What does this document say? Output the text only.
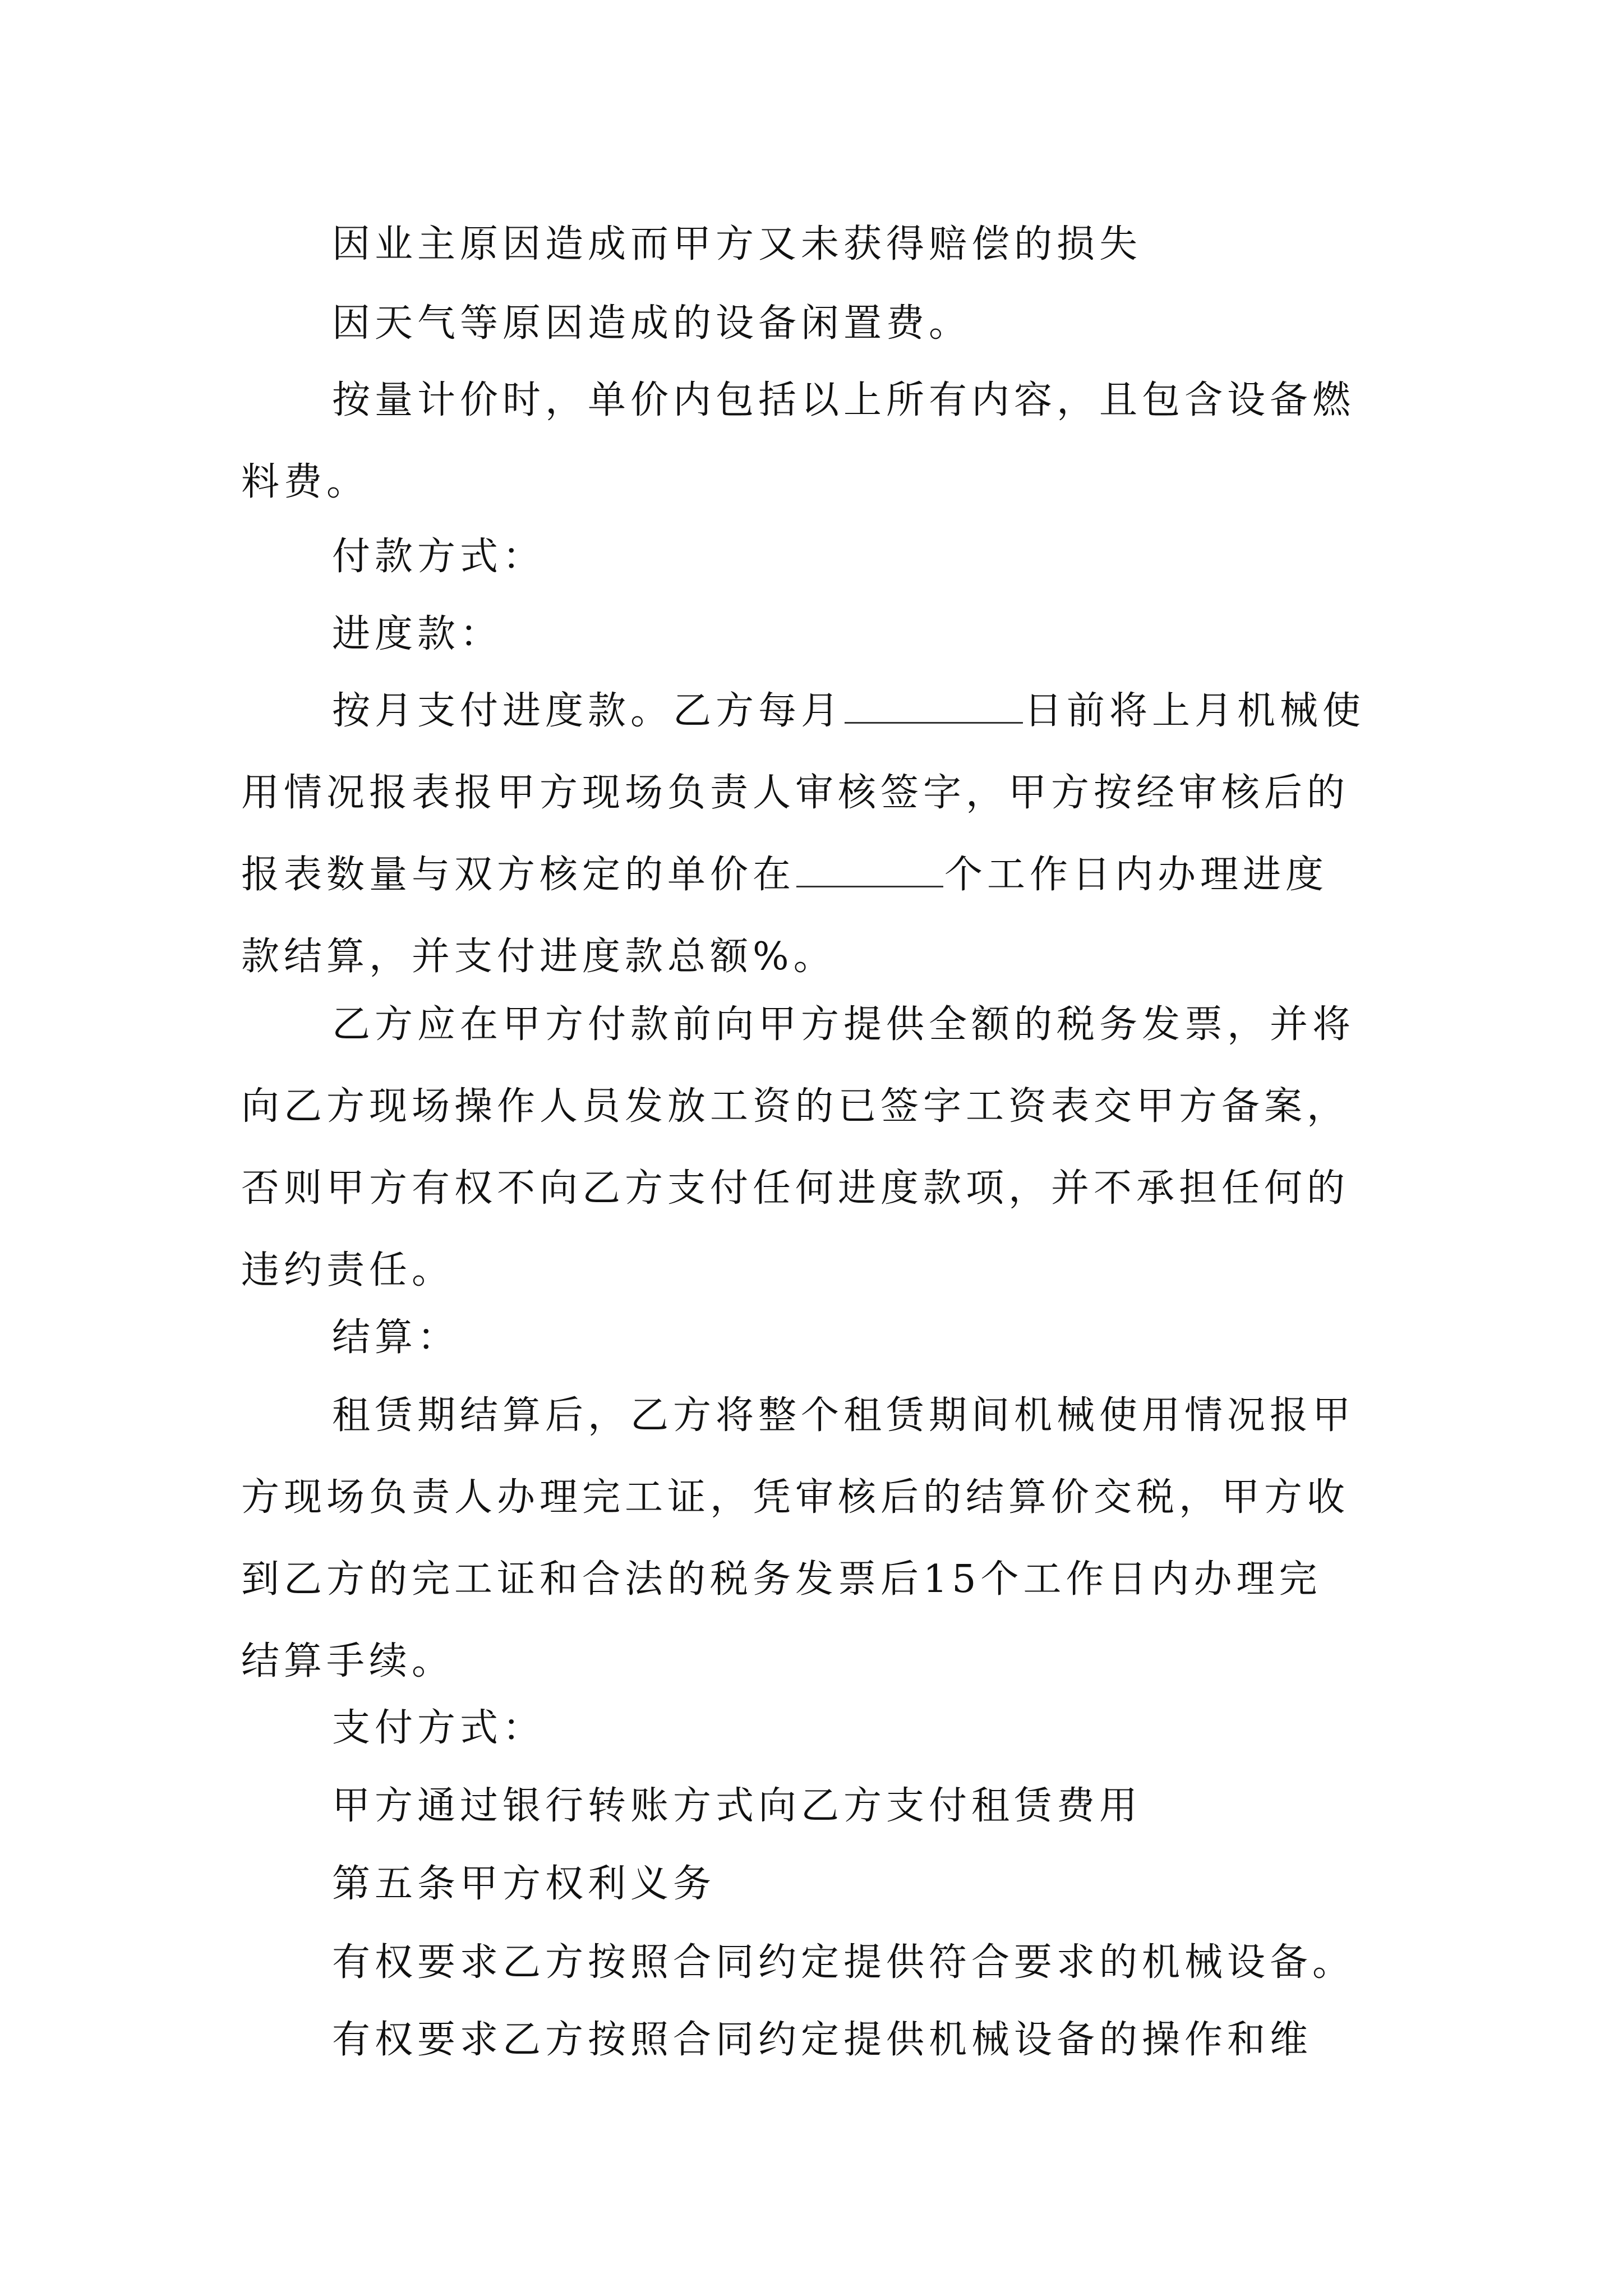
因业主原因造成而甲方又未获得赔偿的损失

因天气等原因造成的设备闲置费。

按量计价时，单价内包括以上所有内容，且包含设备燃
料费。

付款方式：

进度款：

按月支付进度款。乙方每月	日前将上月机械使
用情况报表报甲方现场负责人审核签字，甲方按经审核后的
报表数量与双方核定的单价在	个工作日内办理进度
款结算，并支付进度款总额%。

乙方应在甲方付款前向甲方提供全额的税务发票，并将
向乙方现场操作人员发放工资的已签字工资表交甲方备案，
否则甲方有权不向乙方支付任何进度款项，并不承担任何的
违约责任。

结算：

租赁期结算后，乙方将整个租赁期间机械使用情况报甲
方现场负责人办理完工证，凭审核后的结算价交税，甲方收
到乙方的完工证和合法的税务发票后15个工作日内办理完
结算手续。

支付方式：

甲方通过银行转账方式向乙方支付租赁费用

第五条甲方权利义务

有权要求乙方按照合同约定提供符合要求的机械设备。

有权要求乙方按照合同约定提供机械设备的操作和维
